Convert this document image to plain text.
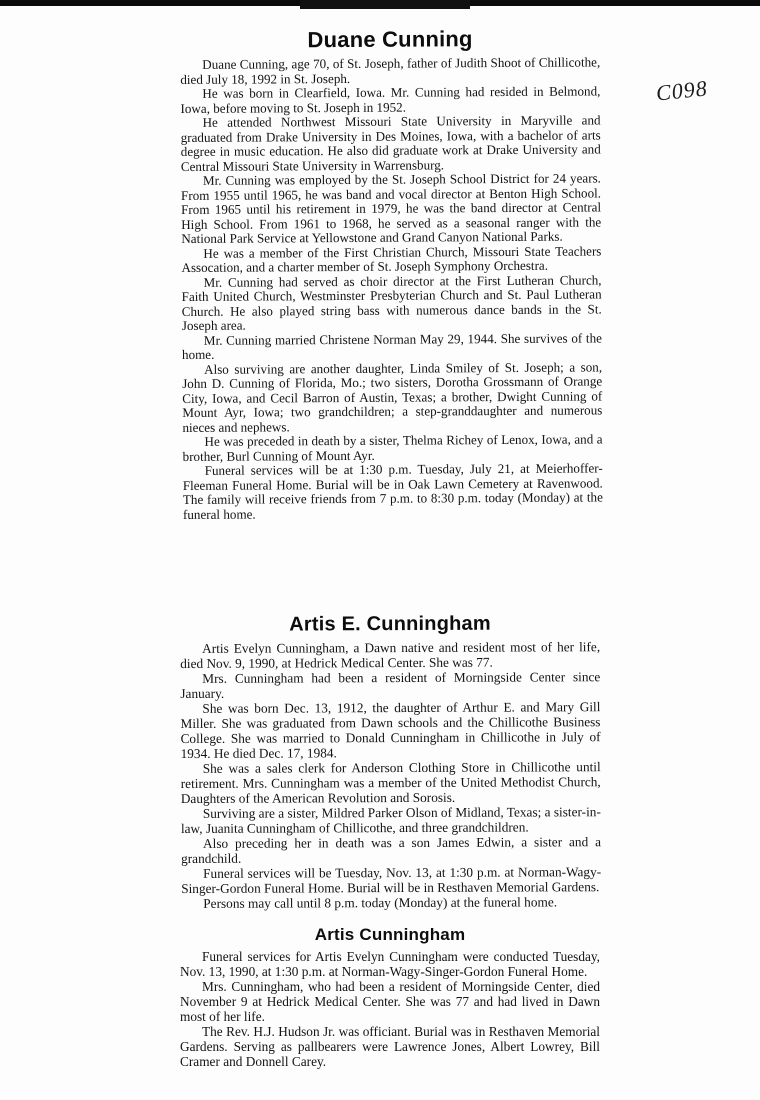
C098
Duane Cunning

Duane Cunning, age 70, of St. Joseph, father of Judith Shoot of Chillicothe, died July 18, 1992 in St. Joseph.

He was born in Clearfield, Iowa. Mr. Cunning had resided in Belmond, Iowa, before moving to St. Joseph in 1952.

He attended Northwest Missouri State University in Maryville and graduated from Drake University in Des Moines, Iowa, with a bachelor of arts degree in music education. He also did graduate work at Drake University and Central Missouri State University in Warrensburg.

Mr. Cunning was employed by the St. Joseph School District for 24 years. From 1955 until 1965, he was band and vocal director at Benton High School. From 1965 until his retirement in 1979, he was the band director at Central High School. From 1961 to 1968, he served as a seasonal ranger with the National Park Service at Yellowstone and Grand Canyon National Parks.

He was a member of the First Christian Church, Missouri State Teachers Assocation, and a charter member of St. Joseph Symphony Orchestra.

Mr. Cunning had served as choir director at the First Lutheran Church, Faith United Church, Westminster Presbyterian Church and St. Paul Lutheran Church. He also played string bass with numerous dance bands in the St. Joseph area.

Mr. Cunning married Christene Norman May 29, 1944. She survives of the home.

Also surviving are another daughter, Linda Smiley of St. Joseph; a son, John D. Cunning of Florida, Mo.; two sisters, Dorotha Grossmann of Orange City, Iowa, and Cecil Barron of Austin, Texas; a brother, Dwight Cunning of Mount Ayr, Iowa; two grandchildren; a step-granddaughter and numerous nieces and nephews.

He was preceded in death by a sister, Thelma Richey of Lenox, Iowa, and a brother, Burl Cunning of Mount Ayr.

Funeral services will be at 1:30 p.m. Tuesday, July 21, at Meierhoffer-Fleeman Funeral Home. Burial will be in Oak Lawn Cemetery at Ravenwood. The family will receive friends from 7 p.m. to 8:30 p.m. today (Monday) at the funeral home.

Artis E. Cunningham

Artis Evelyn Cunningham, a Dawn native and resident most of her life, died Nov. 9, 1990, at Hedrick Medical Center. She was 77.

Mrs. Cunningham had been a resident of Morningside Center since January.

She was born Dec. 13, 1912, the daughter of Arthur E. and Mary Gill Miller. She was graduated from Dawn schools and the Chillicothe Business College. She was married to Donald Cunningham in Chillicothe in July of 1934. He died Dec. 17, 1984.

She was a sales clerk for Anderson Clothing Store in Chillicothe until retirement. Mrs. Cunningham was a member of the United Methodist Church, Daughters of the American Revolution and Sorosis.

Surviving are a sister, Mildred Parker Olson of Midland, Texas; a sister-in-law, Juanita Cunningham of Chillicothe, and three grandchildren.

Also preceding her in death was a son James Edwin, a sister and a grandchild.

Funeral services will be Tuesday, Nov. 13, at 1:30 p.m. at Norman-Wagy-Singer-Gordon Funeral Home. Burial will be in Resthaven Memorial Gardens.

Persons may call until 8 p.m. today (Monday) at the funeral home.

Artis Cunningham

Funeral services for Artis Evelyn Cunningham were conducted Tuesday, Nov. 13, 1990, at 1:30 p.m. at Norman-Wagy-Singer-Gordon Funeral Home.

Mrs. Cunningham, who had been a resident of Morningside Center, died November 9 at Hedrick Medical Center. She was 77 and had lived in Dawn most of her life.

The Rev. H.J. Hudson Jr. was officiant. Burial was in Resthaven Memorial Gardens. Serving as pallbearers were Lawrence Jones, Albert Lowrey, Bill Cramer and Donnell Carey.
